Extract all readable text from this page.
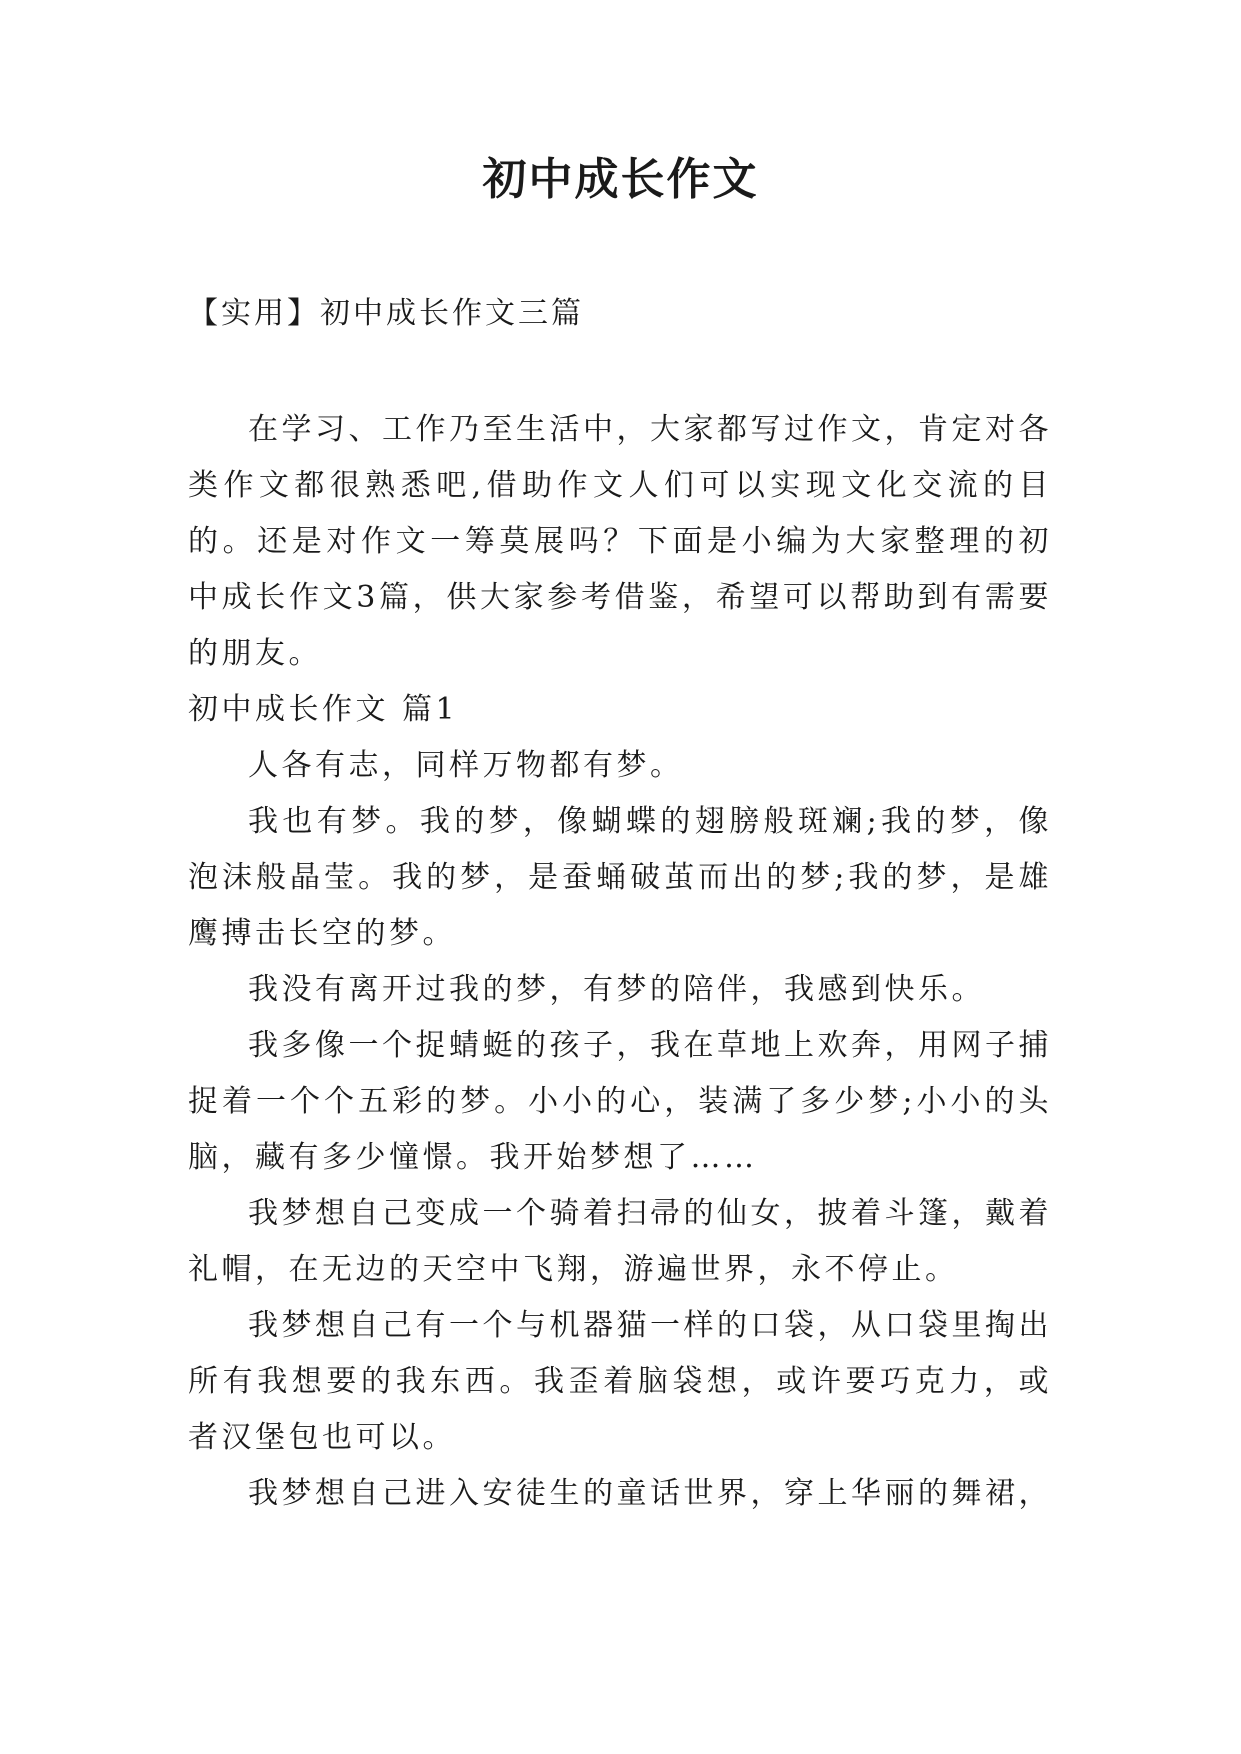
初中成长作文
【实用】初中成长作文三篇

在学习、工作乃至生活中，大家都写过作文，肯定对各类作文都很熟悉吧,借助作文人们可以实现文化交流的目的。还是对作文一筹莫展吗？下面是小编为大家整理的初中成长作文3篇，供大家参考借鉴，希望可以帮助到有需要的朋友。

初中成长作文 篇1

人各有志，同样万物都有梦。

我也有梦。我的梦，像蝴蝶的翅膀般斑斓;我的梦，像泡沫般晶莹。我的梦，是蚕蛹破茧而出的梦;我的梦，是雄鹰搏击长空的梦。

我没有离开过我的梦，有梦的陪伴，我感到快乐。

我多像一个捉蜻蜓的孩子，我在草地上欢奔，用网子捕捉着一个个五彩的梦。小小的心，装满了多少梦;小小的头脑，藏有多少憧憬。我开始梦想了……

我梦想自己变成一个骑着扫帚的仙女，披着斗篷，戴着礼帽，在无边的天空中飞翔，游遍世界，永不停止。

我梦想自己有一个与机器猫一样的口袋，从口袋里掏出所有我想要的我东西。我歪着脑袋想，或许要巧克力，或者汉堡包也可以。

我梦想自己进入安徒生的童话世界，穿上华丽的舞裙，
